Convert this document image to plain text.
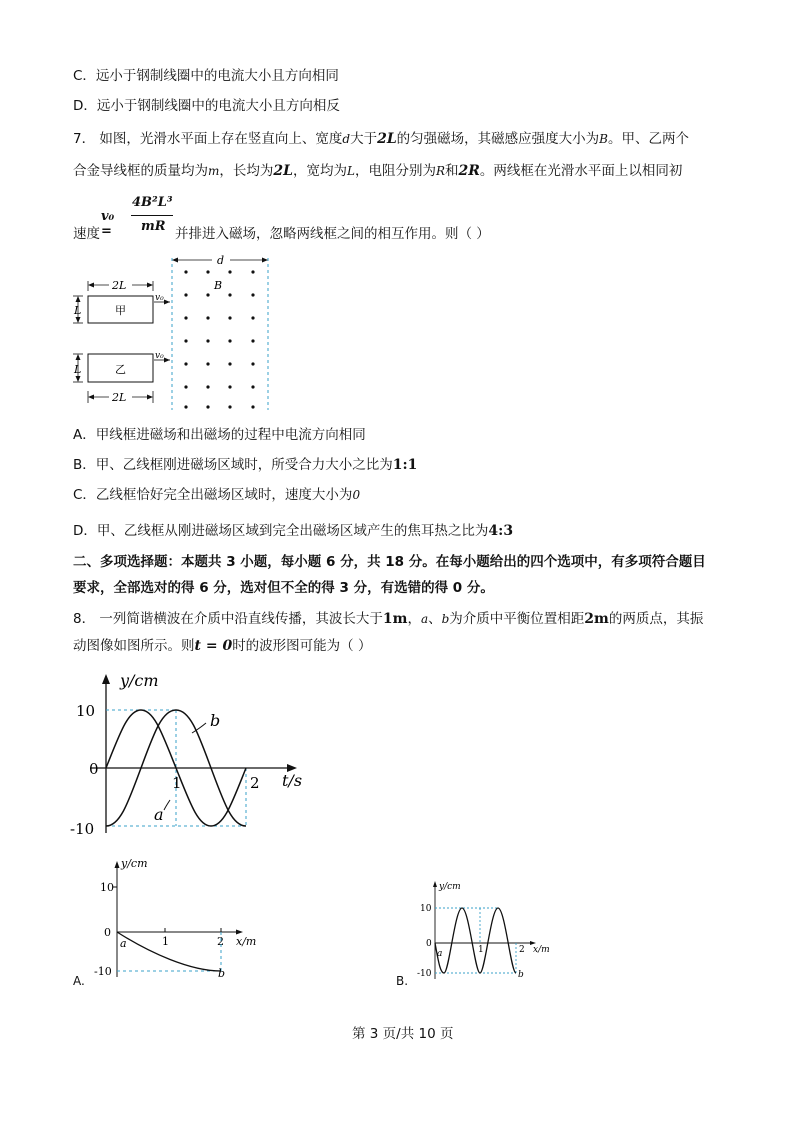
C．远小于钢制线圈中的电流大小且方向相同
D．远小于钢制线圈中的电流大小且方向相反
7． 如图，光滑水平面上存在竖直向上、宽度d大于2L的匀强磁场，其磁感应强度大小为B。甲、乙两个
合金导线框的质量均为m，长均为2L，宽均为L，电阻分别为R和2R。两线框在光滑水平面上以相同初
速度
v₀ =
4B²L³
mR 并排进入磁场，忽略两线框之间的相互作用。则（ ）
d
B
2L
甲
v₀
L
乙
v₀
L
2L
A．甲线框进磁场和出磁场的过程中电流方向相同
B．甲、乙线框刚进磁场区域时，所受合力大小之比为1:1
C．乙线框恰好完全出磁场区域时，速度大小为0
D．甲、乙线框从刚进磁场区域到完全出磁场区域产生的焦耳热之比为4:3
二、多项选择题：本题共 3 小题，每小题 6 分，共 18 分。在每小题给出的四个选项中，有多项符合题目
要求，全部选对的得 6 分，选对但不全的得 3 分，有选错的得 0 分。
8． 一列简谐横波在介质中沿直线传播，其波长大于1m，a、b为介质中平衡位置相距2m的两质点，其振
动图像如图所示。则t = 0时的波形图可能为（ ）
y/cm
t/s
10
0
-10
1	2
b
a
A.
y/cm
x/m
10
0
-10
1	2
a
b
B.
y/cm
x/m
10
0
-10
1	2
a
b
第 3 页/共 10 页
